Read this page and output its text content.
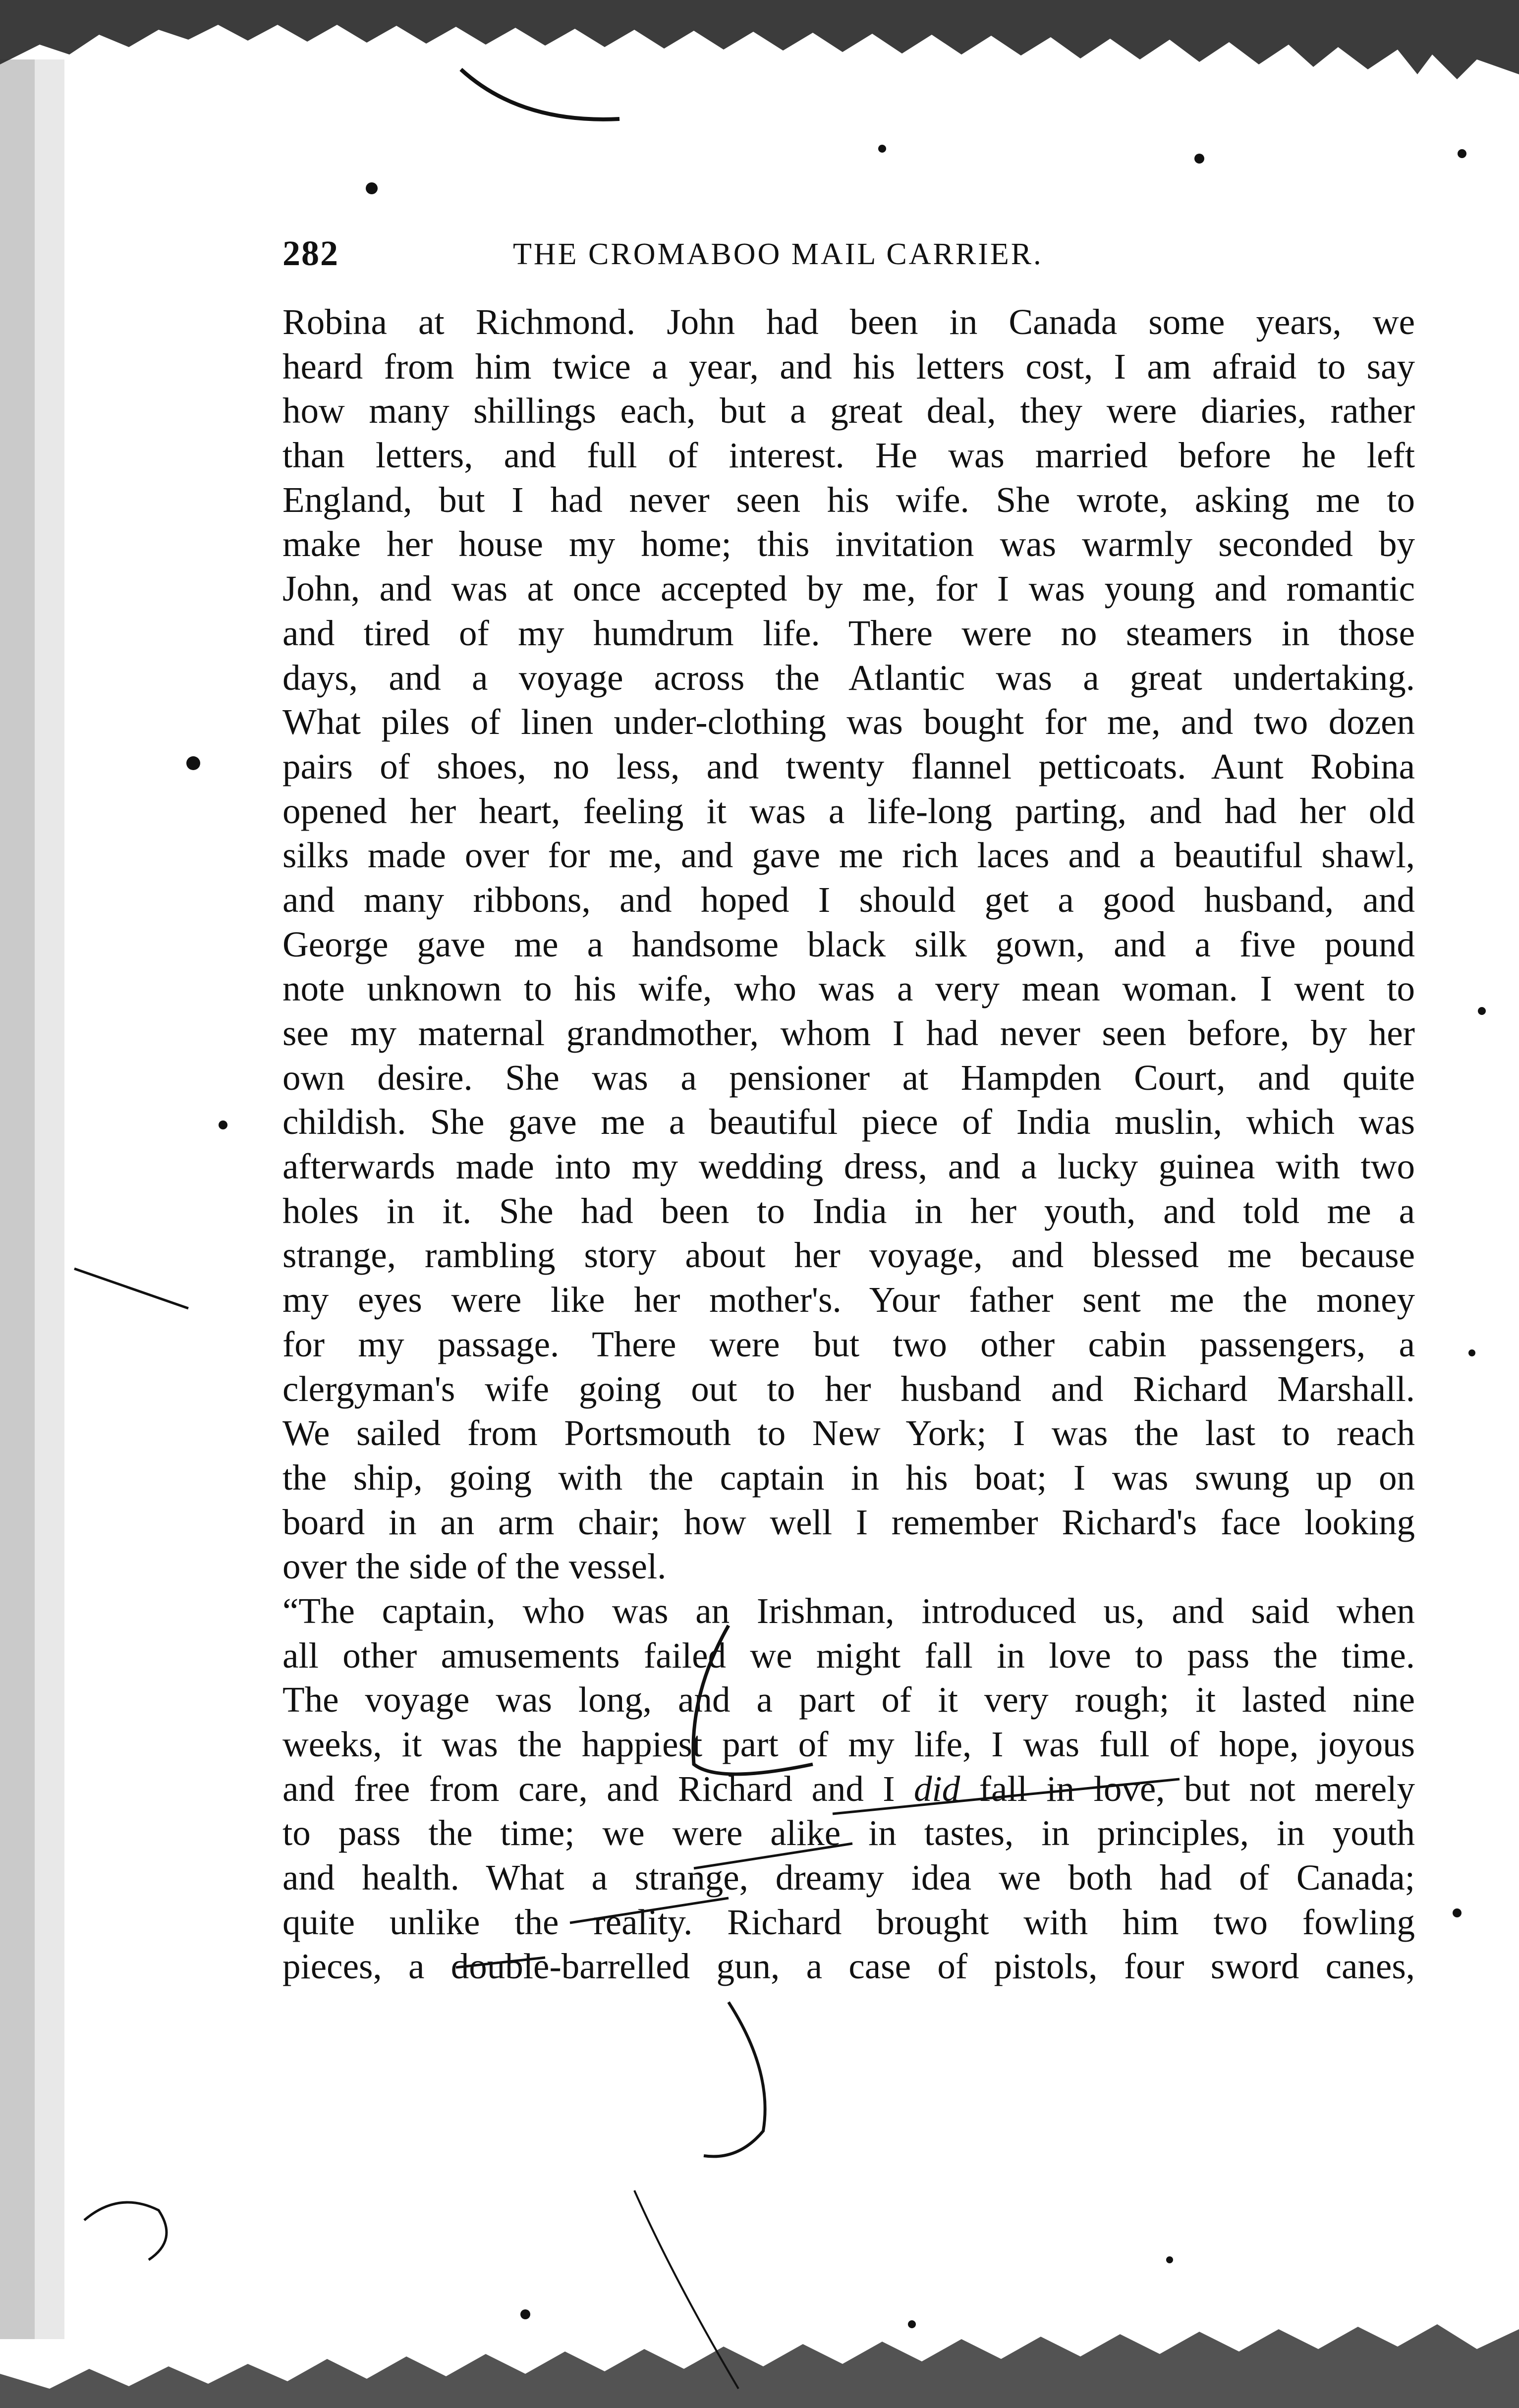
282	THE CROMABOO MAIL CARRIER.
Robina at Richmond. John had been in Canada some years, we
heard from him twice a year, and his letters cost, I am afraid to say
how many shillings each, but a great deal, they were diaries, rather
than letters, and full of interest. He was married before he left
England, but I had never seen his wife. She wrote, asking me to
make her house my home; this invitation was warmly seconded by
John, and was at once accepted by me, for I was young and romantic
and tired of my humdrum life. There were no steamers in those
days, and a voyage across the Atlantic was a great undertaking.
What piles of linen under-clothing was bought for me, and two dozen
pairs of shoes, no less, and twenty flannel petticoats. Aunt Robina
opened her heart, feeling it was a life-long parting, and had her old
silks made over for me, and gave me rich laces and a beautiful shawl,
and many ribbons, and hoped I should get a good husband, and
George gave me a handsome black silk gown, and a five pound
note unknown to his wife, who was a very mean woman. I went to
see my maternal grandmother, whom I had never seen before, by her
own desire. She was a pensioner at Hampden Court, and quite
childish. She gave me a beautiful piece of India muslin, which was
afterwards made into my wedding dress, and a lucky guinea with two
holes in it. She had been to India in her youth, and told me a
strange, rambling story about her voyage, and blessed me because
my eyes were like her mother's. Your father sent me the money
for my passage. There were but two other cabin passengers, a
clergyman's wife going out to her husband and Richard Marshall.
We sailed from Portsmouth to New York; I was the last to reach
the ship, going with the captain in his boat; I was swung up on
board in an arm chair; how well I remember Richard's face looking
over the side of the vessel.
“The captain, who was an Irishman, introduced us, and said when
all other amusements failed we might fall in love to pass the time.
The voyage was long, and a part of it very rough; it lasted nine
weeks, it was the happiest part of my life, I was full of hope, joyous
and free from care, and Richard and I did fall in love, but not merely
to pass the time; we were alike in tastes, in principles, in youth
and health. What a strange, dreamy idea we both had of Canada;
quite unlike the reality. Richard brought with him two fowling
pieces, a double-barrelled gun, a case of pistols, four sword canes,
